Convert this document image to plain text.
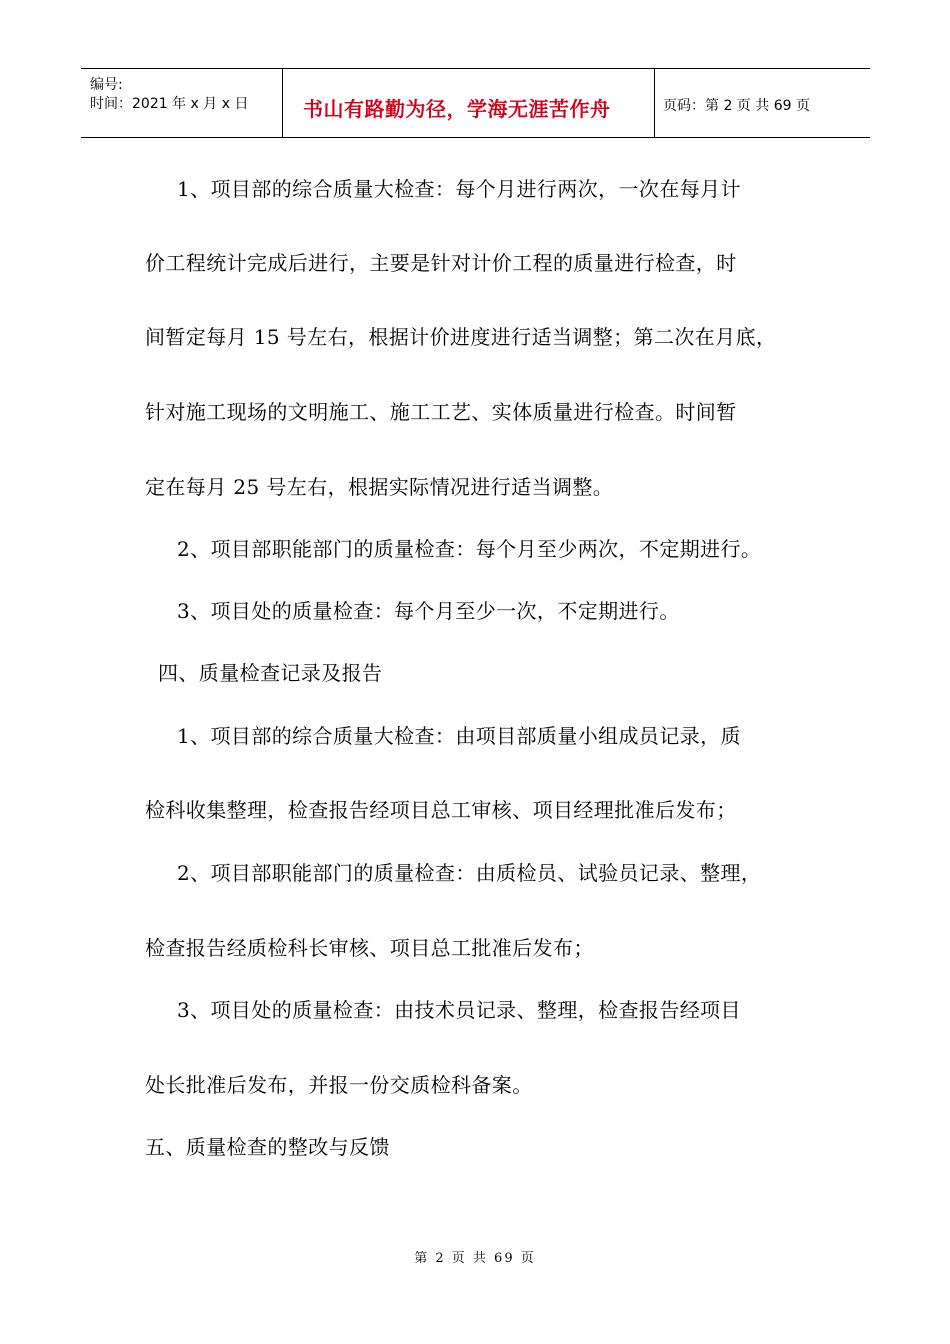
编号:
时间：2021 年 x 月 x 日	书山有路勤为径，学海无涯苦作舟	页码：第 2 页 共 69 页
1、项目部的综合质量大检查：每个月进行两次，一次在每月计
价工程统计完成后进行，主要是针对计价工程的质量进行检查，时
间暂定每月 15 号左右，根据计价进度进行适当调整；第二次在月底，
针对施工现场的文明施工、施工工艺、实体质量进行检查。时间暂
定在每月 25 号左右，根据实际情况进行适当调整。
2、项目部职能部门的质量检查：每个月至少两次，不定期进行。
3、项目处的质量检查：每个月至少一次，不定期进行。
四、质量检查记录及报告
1、项目部的综合质量大检查：由项目部质量小组成员记录，质
检科收集整理，检查报告经项目总工审核、项目经理批准后发布；
2、项目部职能部门的质量检查：由质检员、试验员记录、整理，
检查报告经质检科长审核、项目总工批准后发布；
3、项目处的质量检查：由技术员记录、整理，检查报告经项目
处长批准后发布，并报一份交质检科备案。
五、质量检查的整改与反馈
第 2 页 共 69 页
